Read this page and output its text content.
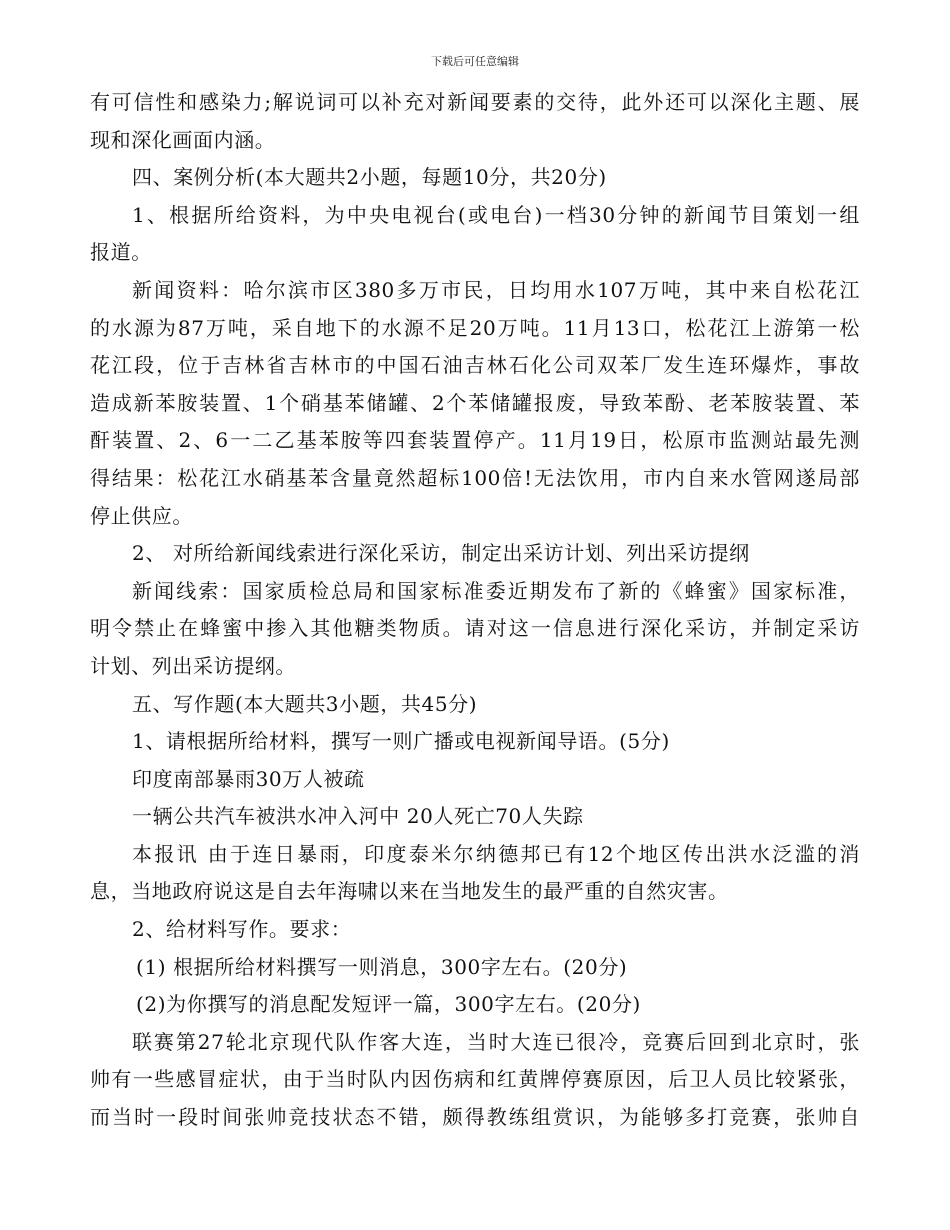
下载后可任意编辑
有可信性和感染力;解说词可以补充对新闻要素的交待，此外还可以深化主题、展
现和深化画面内涵。
四、案例分析(本大题共2小题，每题10分，共20分)
1、根据所给资料，为中央电视台(或电台)一档30分钟的新闻节目策划一组
报道。
新闻资料：哈尔滨市区380多万市民，日均用水107万吨，其中来自松花江
的水源为87万吨，采自地下的水源不足20万吨。11月13口，松花江上游第一松
花江段，位于吉林省吉林市的中国石油吉林石化公司双苯厂发生连环爆炸，事故
造成新苯胺装置、1个硝基苯储罐、2个苯储罐报废，导致苯酚、老苯胺装置、苯
酐装置、2、6一二乙基苯胺等四套装置停产。11月19日，松原市监测站最先测
得结果：松花江水硝基苯含量竟然超标100倍!无法饮用，市内自来水管网遂局部
停止供应。
2、 对所给新闻线索进行深化采访，制定出采访计划、列出采访提纲
新闻线索：国家质检总局和国家标准委近期发布了新的《蜂蜜》国家标准，
明令禁止在蜂蜜中掺入其他糖类物质。请对这一信息进行深化采访，并制定采访
计划、列出采访提纲。
五、写作题(本大题共3小题，共45分)
1、请根据所给材料，撰写一则广播或电视新闻导语。(5分)
印度南部暴雨30万人被疏
一辆公共汽车被洪水冲入河中 20人死亡70人失踪
本报讯 由于连日暴雨，印度泰米尔纳德邦已有12个地区传出洪水泛滥的消
息，当地政府说这是自去年海啸以来在当地发生的最严重的自然灾害。
2、给材料写作。要求：
(1) 根据所给材料撰写一则消息，300字左右。(20分)
(2)为你撰写的消息配发短评一篇，300字左右。(20分)
联赛第27轮北京现代队作客大连，当时大连已很冷，竞赛后回到北京时，张
帅有一些感冒症状，由于当时队内因伤病和红黄牌停赛原因，后卫人员比较紧张，
而当时一段时间张帅竞技状态不错，颇得教练组赏识，为能够多打竞赛，张帅自
